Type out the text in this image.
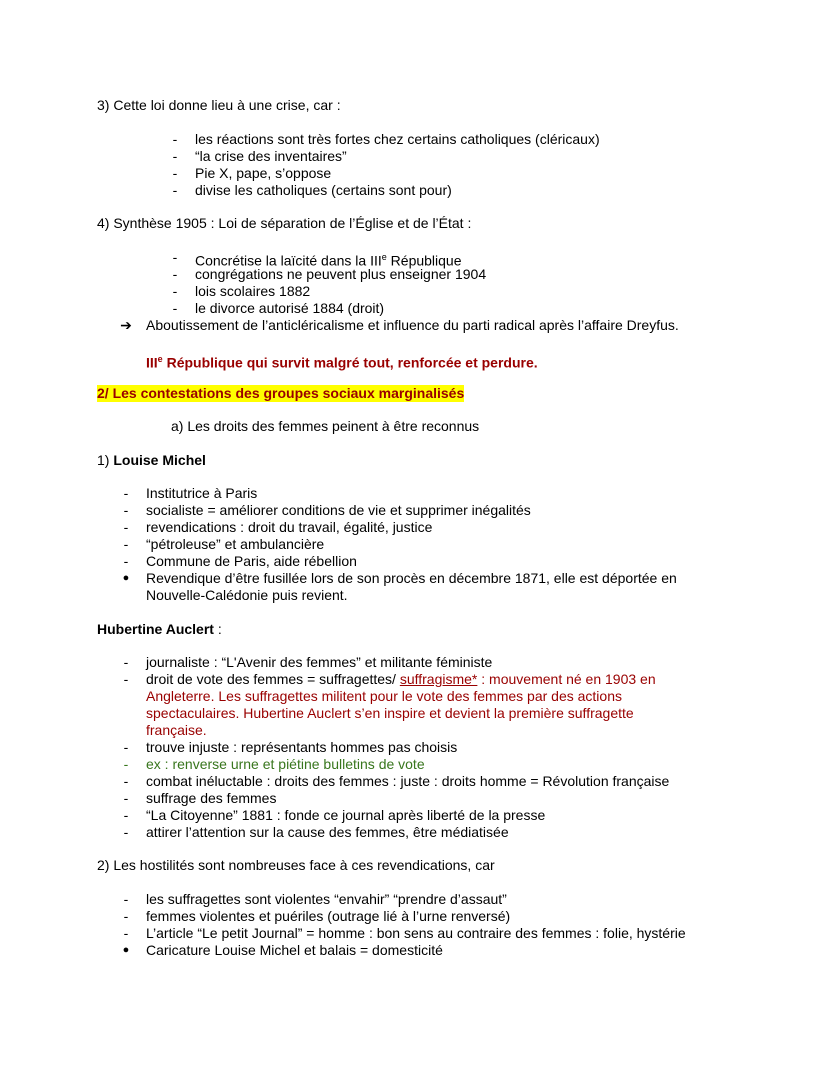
3) Cette loi donne lieu à une crise, car :
-	les réactions sont très fortes chez certains catholiques (cléricaux)
-	“la crise des inventaires”
-	Pie X, pape, s’oppose
-	divise les catholiques (certains sont pour)
4) Synthèse 1905 : Loi de séparation de l’Église et de l’État :
-	Concrétise la laïcité dans la IIIe République
-	congrégations ne peuvent plus enseigner 1904
-	lois scolaires 1882
-	le divorce autorisé 1884 (droit)
➔ Aboutissement de l’anticléricalisme et influence du parti radical après l’affaire Dreyfus.
IIIe République qui survit malgré tout, renforcée et perdure.
2/ Les contestations des groupes sociaux marginalisés
a) Les droits des femmes peinent à être reconnus
1) Louise Michel
-	Institutrice à Paris
-	socialiste = améliorer conditions de vie et supprimer inégalités
-	revendications : droit du travail, égalité, justice
-	“pétroleuse” et ambulancière
-	Commune de Paris, aide rébellion
● Revendique d’être fusillée lors de son procès en décembre 1871, elle est déportée en
Nouvelle-Calédonie puis revient.
Hubertine Auclert :
-	journaliste : “L'Avenir des femmes” et militante féministe
-	droit de vote des femmes = suffragettes/ suffragisme* : mouvement né en 1903 en
Angleterre. Les suffragettes militent pour le vote des femmes par des actions
spectaculaires. Hubertine Auclert s’en inspire et devient la première suffragette
française.
-	trouve injuste : représentants hommes pas choisis
-	ex : renverse urne et piétine bulletins de vote
-	combat inéluctable : droits des femmes : juste : droits homme = Révolution française
-	suffrage des femmes
-	“La Citoyenne” 1881 : fonde ce journal après liberté de la presse
-	attirer l’attention sur la cause des femmes, être médiatisée
2) Les hostilités sont nombreuses face à ces revendications, car
-	les suffragettes sont violentes “envahir” “prendre d’assaut”
-	femmes violentes et puériles (outrage lié à l’urne renversé)
-	L’article “Le petit Journal” = homme : bon sens au contraire des femmes : folie, hystérie
● Caricature Louise Michel et balais = domesticité
